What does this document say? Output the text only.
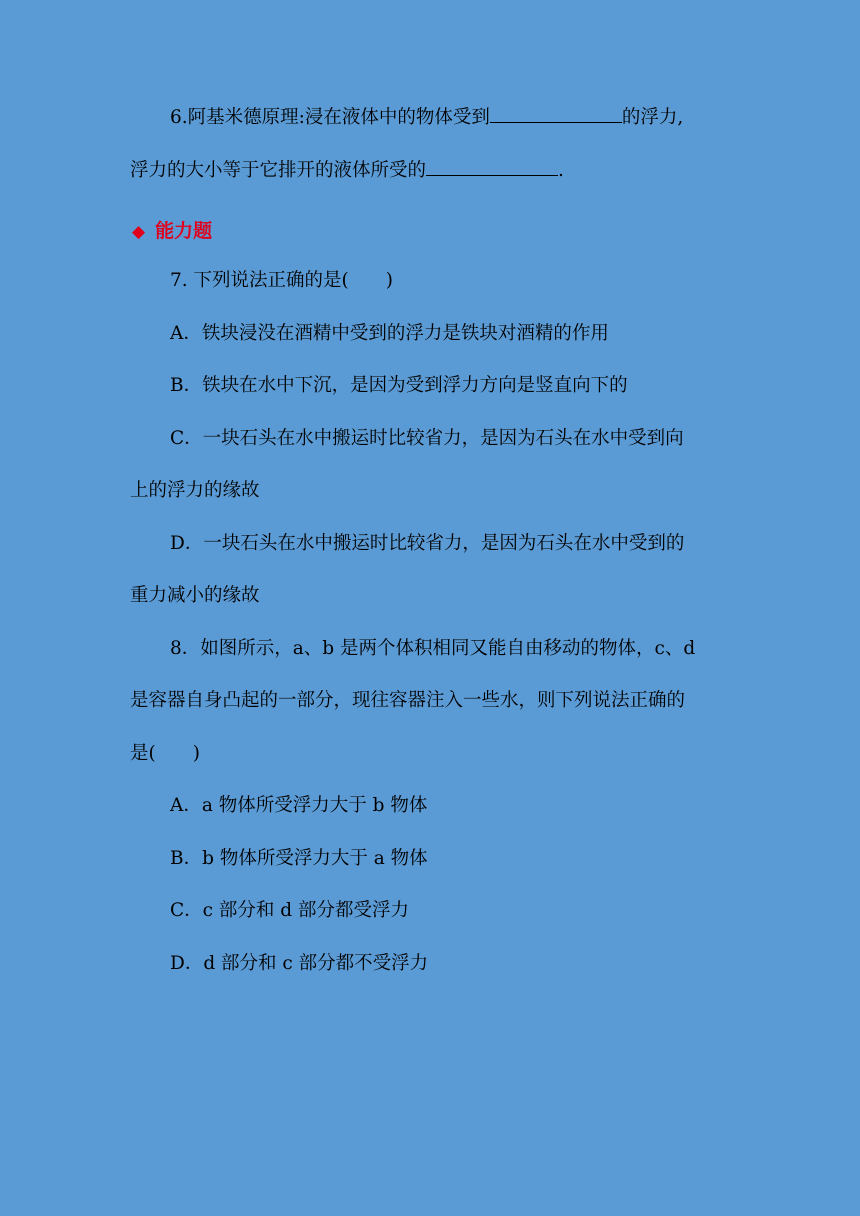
6.阿基米德原理:浸在液体中的物体受到	的浮力,
浮力的大小等于它排开的液体所受的	.
◆ 能力题
7. 下列说法正确的是(　　)
A．铁块浸没在酒精中受到的浮力是铁块对酒精的作用
B．铁块在水中下沉，是因为受到浮力方向是竖直向下的
C．一块石头在水中搬运时比较省力，是因为石头在水中受到向
上的浮力的缘故
D．一块石头在水中搬运时比较省力，是因为石头在水中受到的
重力减小的缘故
8．如图所示，a、b 是两个体积相同又能自由移动的物体，c、d
是容器自身凸起的一部分，现往容器注入一些水，则下列说法正确的
是(　　)
A．a 物体所受浮力大于 b 物体
B．b 物体所受浮力大于 a 物体
C．c 部分和 d 部分都受浮力
D．d 部分和 c 部分都不受浮力
